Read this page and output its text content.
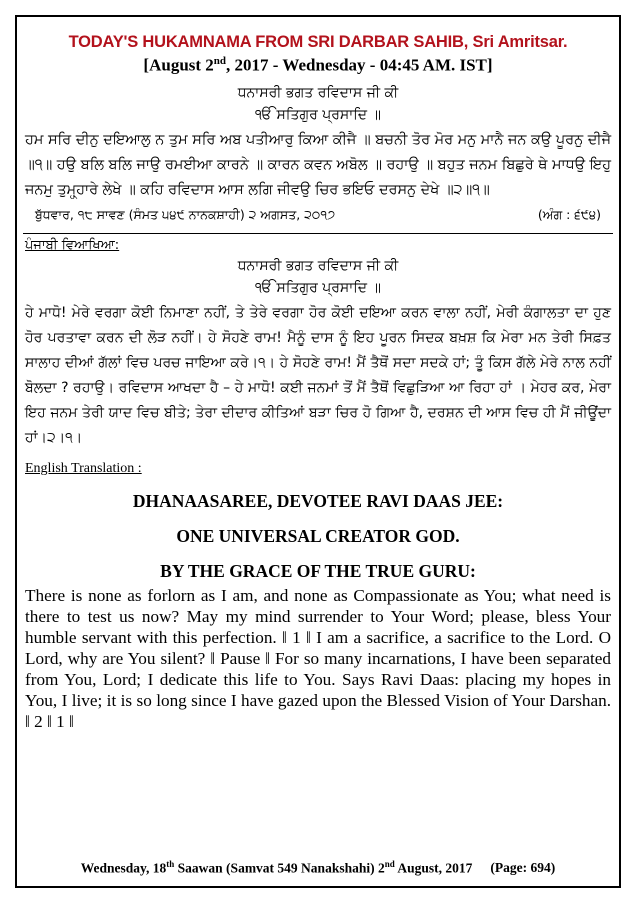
TODAY'S HUKAMNAMA FROM SRI DARBAR SAHIB, Sri Amritsar.
[August 2nd, 2017 - Wednesday - 04:45 AM. IST]
ਧਨਾਸਰੀ ਭਗਤ ਰਵਿਦਾਸ ਜੀ ਕੀ
ੴ ਸਤਿਗੁਰ ਪ੍ਰਸਾਦਿ ॥
ਹਮ ਸਰਿ ਦੀਨੁ ਦਇਆਲੁ ਨ ਤੁਮ ਸਰਿ ਅਬ ਪਤੀਆਰੁ ਕਿਆ ਕੀਜੈ ॥ ਬਚਨੀ ਤੋਰ ਮੋਰ ਮਨੁ ਮਾਨੈ ਜਨ ਕਉ ਪੂਰਨੁ ਦੀਜੈ ॥੧॥ ਹਉ ਬਲਿ ਬਲਿ ਜਾਉ ਰਮਈਆ ਕਾਰਨੇ ॥ ਕਾਰਨ ਕਵਨ ਅਬੋਲ ॥ ਰਹਾਉ ॥ ਬਹੁਤ ਜਨਮ ਬਿਛੁਰੇ ਥੇ ਮਾਧਉ ਇਹੁ ਜਨਮੁ ਤੁਮ੍ਹ੍ਹਾਰੇ ਲੇਖੇ ॥ ਕਹਿ ਰਵਿਦਾਸ ਆਸ ਲਗਿ ਜੀਵਉ ਚਿਰ ਭਇਓ ਦਰਸਨੁ ਦੇਖੇ ॥੨॥੧॥
ਬੁੱਧਵਾਰ, ੧੮ ਸਾਵਣ (ਸੰਮਤ ੫੪੯ ਨਾਨਕਸ਼ਾਹੀ) ੨ ਅਗਸਤ, ੨੦੧੭	(ਅੰਗ : ੬੯੪)
ਪੰਜਾਬੀ ਵਿਆਖਿਆ:
ਧਨਾਸਰੀ ਭਗਤ ਰਵਿਦਾਸ ਜੀ ਕੀ
ੴ ਸਤਿਗੁਰ ਪ੍ਰਸਾਦਿ ॥
ਹੇ ਮਾਧੋ! ਮੇਰੇ ਵਰਗਾ ਕੋਈ ਨਿਮਾਣਾ ਨਹੀਂ, ਤੇ ਤੇਰੇ ਵਰਗਾ ਹੋਰ ਕੋਈ ਦਇਆ ਕਰਨ ਵਾਲਾ ਨਹੀਂ, ਮੇਰੀ ਕੰਗਾਲਤਾ ਦਾ ਹੁਣ ਹੋਰ ਪਰਤਾਵਾ ਕਰਨ ਦੀ ਲੋੜ ਨਹੀਂ। ਹੇ ਸੋਹਣੇ ਰਾਮ! ਮੈਨੂੰ ਦਾਸ ਨੂੰ ਇਹ ਪੂਰਨ ਸਿਦਕ ਬਖ਼ਸ਼ ਕਿ ਮੇਰਾ ਮਨ ਤੇਰੀ ਸਿਫ਼ਤ ਸਾਲਾਹ ਦੀਆਂ ਗੱਲਾਂ ਵਿਚ ਪਰਚ ਜਾਇਆ ਕਰੇ।੧। ਹੇ ਸੋਹਣੇ ਰਾਮ! ਮੈਂ ਤੈਥੋਂ ਸਦਾ ਸਦਕੇ ਹਾਂ; ਤੂੰ ਕਿਸ ਗੱਲੇ ਮੇਰੇ ਨਾਲ ਨਹੀਂ ਬੋਲਦਾ ? ਰਹਾਉ। ਰਵਿਦਾਸ ਆਖਦਾ ਹੈ – ਹੇ ਮਾਧੋ! ਕਈ ਜਨਮਾਂ ਤੋਂ ਮੈਂ ਤੈਥੋਂ ਵਿਛੁੜਿਆ ਆ ਰਿਹਾ ਹਾਂ । ਮੇਹਰ ਕਰ, ਮੇਰਾ ਇਹ ਜਨਮ ਤੇਰੀ ਯਾਦ ਵਿਚ ਬੀਤੇ; ਤੇਰਾ ਦੀਦਾਰ ਕੀਤਿਆਂ ਬੜਾ ਚਿਰ ਹੋ ਗਿਆ ਹੈ, ਦਰਸ਼ਨ ਦੀ ਆਸ ਵਿਚ ਹੀ ਮੈਂ ਜੀਊਂਦਾ ਹਾਂ।੨।੧।
English Translation :
DHANAASAREE, DEVOTEE RAVI DAAS JEE:
ONE UNIVERSAL CREATOR GOD.
BY THE GRACE OF THE TRUE GURU:
There is none as forlorn as I am, and none as Compassionate as You; what need is there to test us now? May my mind surrender to Your Word; please, bless Your humble servant with this perfection. ‖ 1 ‖ I am a sacrifice, a sacrifice to the Lord. O Lord, why are You silent? ‖ Pause ‖ For so many incarnations, I have been separated from You, Lord; I dedicate this life to You. Says Ravi Daas: placing my hopes in You, I live; it is so long since I have gazed upon the Blessed Vision of Your Darshan. ‖ 2 ‖ 1 ‖
Wednesday, 18th Saawan (Samvat 549 Nanakshahi) 2nd August, 2017 (Page: 694)
